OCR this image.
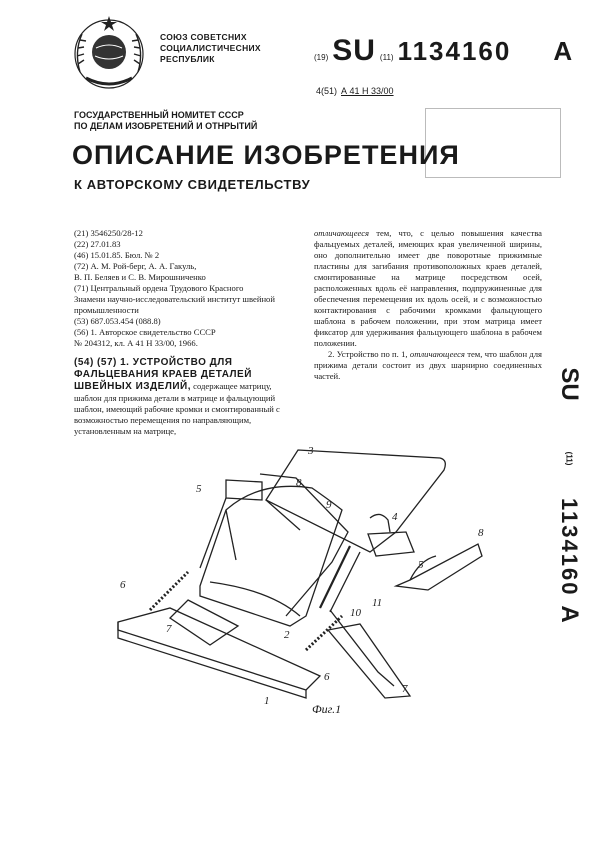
СОЮЗ СОВЕТСНИХ
СОЦИАЛИСТИЧЕСНИХ
РЕСПУБЛИК	(19) SU (11) 1134160 A
4(51) А 41 Н 33/00
ГОСУДАРСТВЕННЫЙ НОМИТЕТ СССР
ПО ДЕЛАМ ИЗОБРЕТЕНИЙ И ОТНРЫТИЙ
ОПИСАНИЕ ИЗОБРЕТЕНИЯ
К АВТОРСКОМУ СВИДЕТЕЛЬСТВУ

(21) 3546250/28-12

(22) 27.01.83

(46) 15.01.85. Бюл. № 2

(72) А. М. Рой-берг, А. А. Гакуль,

В. П. Беляев и С. В. Мирошниченко

(71) Центральный ордена Трудового Красного

Знамени научно-исследовательский институт швейной промышленности

(53) 687.053.454 (088.8)

(56) 1. Авторское свидетельство СССР

№ 204312, кл. А 41 Н 33/00, 1966.

(54) (57) 1. УСТРОЙСТВО ДЛЯ ФАЛЬЦЕВАНИЯ КРАЕВ ДЕТАЛЕЙ ШВЕЙНЫХ ИЗДЕЛИЙ, содержащее матрицу, шаблон для прижима детали в матрице и фальцующий шаблон, имеющий рабочие кромки и смонтированный с возможностью перемещения по направляющим, установленным на матрице,

отличающееся тем, что, с целью повышения качества фальцуемых деталей, имеющих края увеличенной ширины, оно дополнительно имеет две поворотные прижимные пластины для загибания противоположных краев деталей, смонтированные на матрице посредством осей, расположенных вдоль её направления, подпружиненные для обеспечения перемещения их вдоль осей, и с возможностью контактирования с рабочими кромками фальцующего шаблона в рабочем положении, при этом матрица имеет фиксатор для удерживания фальцующего шаблона в рабочем положении.

2. Устройство по п. 1, отличающееся тем, что шаблон для прижима детали состоит из двух шарнирно соединенных частей.	SU
(11)
1134160
A
3
4
5
5
6
6
7
7
8
8
9
10
11
1
2
Фиг.1
